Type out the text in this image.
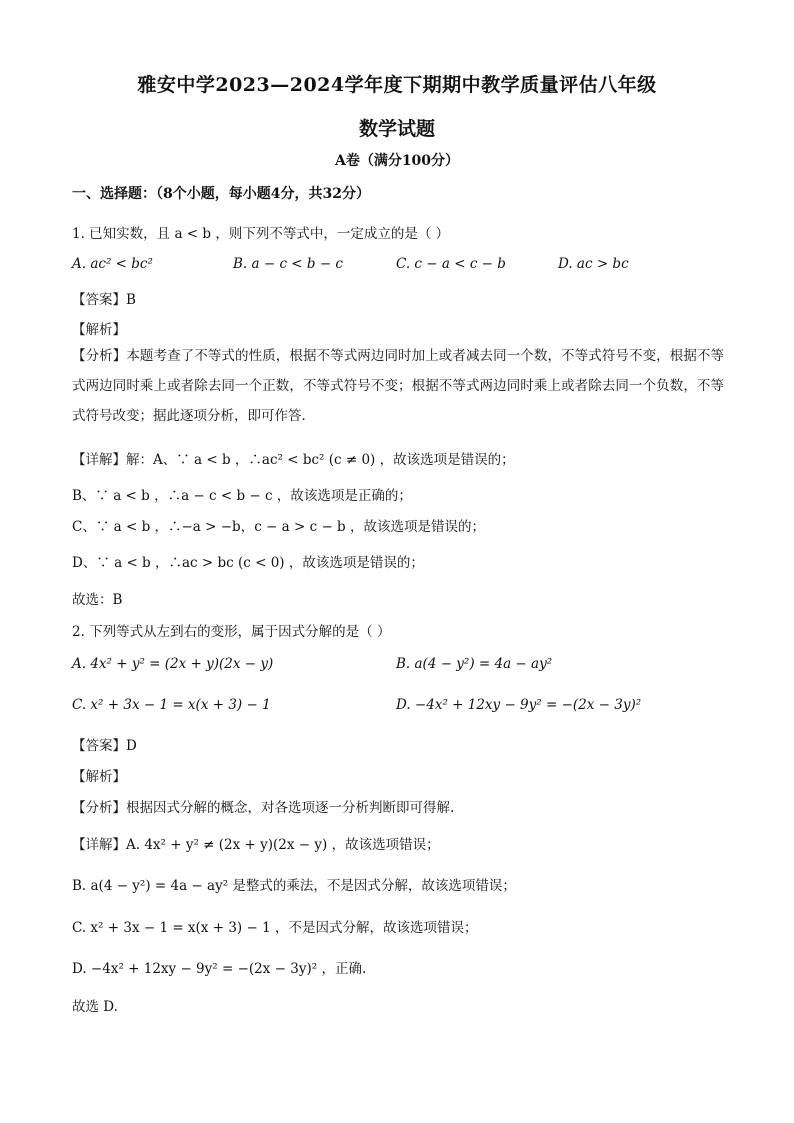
雅安中学2023—2024学年度下期期中教学质量评估八年级
数学试题
A卷（满分100分）
一、选择题：（8个小题，每小题4分，共32分）
1. 已知实数，且 a < b ，则下列不等式中，一定成立的是（ ）
A. ac² < bc²	B. a − c < b − c	C. c − a < c − b	D. ac > bc
【答案】B
【解析】
【分析】本题考查了不等式的性质，根据不等式两边同时加上或者减去同一个数，不等式符号不变，根据不等式两边同时乘上或者除去同一个正数，不等式符号不变；根据不等式两边同时乘上或者除去同一个负数，不等式符号改变；据此逐项分析，即可作答．
【详解】解：A、∵ a < b ，∴ac² < bc² (c ≠ 0) ，故该选项是错误的；
B、∵ a < b ，∴a − c < b − c ，故该选项是正确的；
C、∵ a < b ，∴−a > −b，c − a > c − b ，故该选项是错误的；
D、∵ a < b ，∴ac > bc (c < 0) ，故该选项是错误的；
故选：B
2. 下列等式从左到右的变形，属于因式分解的是（ ）
A. 4x² + y² = (2x + y)(2x − y)	B. a(4 − y²) = 4a − ay²
C. x² + 3x − 1 = x(x + 3) − 1	D. −4x² + 12xy − 9y² = −(2x − 3y)²
【答案】D
【解析】
【分析】根据因式分解的概念，对各选项逐一分析判断即可得解.
【详解】A. 4x² + y² ≠ (2x + y)(2x − y) ，故该选项错误；
B. a(4 − y²) = 4a − ay² 是整式的乘法，不是因式分解，故该选项错误；
C. x² + 3x − 1 = x(x + 3) − 1 ，不是因式分解，故该选项错误；
D. −4x² + 12xy − 9y² = −(2x − 3y)² ，正确.
故选 D.
